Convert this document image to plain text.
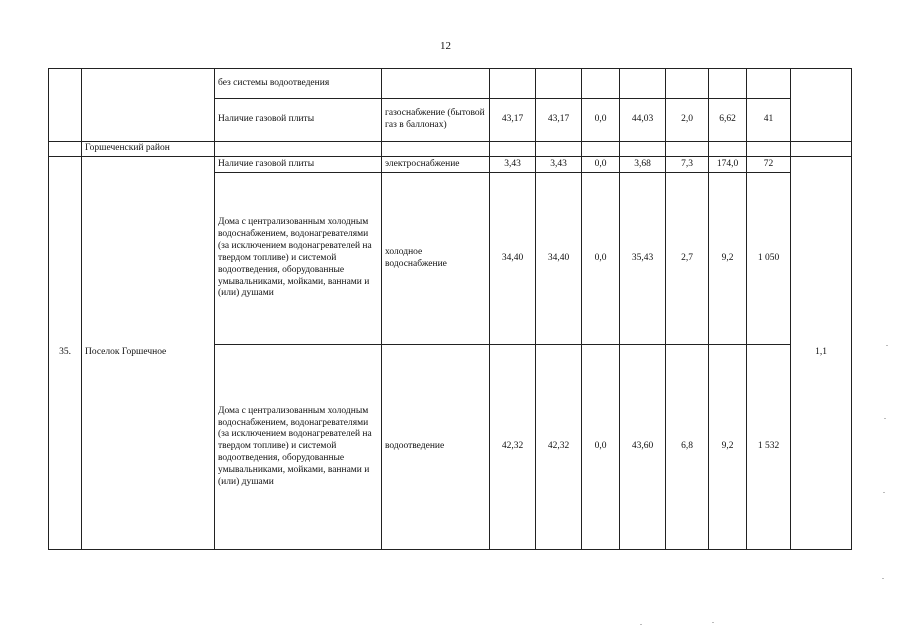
12
		без системы водоотведения									
		Наличие газовой плиты	газоснабжение (бытовой газ в баллонах)	43,17	43,17	0,0	44,03	2,0	6,62	41	
	Горшеченский район										
35.	Поселок Горшечное	Наличие газовой плиты	электроснабжение	3,43	3,43	0,0	3,68	7,3	174,0	72	1,1
		Дома с централизованным холодным водоснабжением, водонагревателями (за исключением водонагревателей на твердом топливе) и системой водоотведения, оборудованные умывальниками, мойками, ваннами и (или) душами	холодное водоснабжение	34,40	34,40	0,0	35,43	2,7	9,2	1 050	
		Дома с централизованным холодным водоснабжением, водонагревателями (за исключением водонагревателей на твердом топливе) и системой водоотведения, оборудованные умывальниками, мойками, ваннами и (или) душами	водоотведение	42,32	42,32	0,0	43,60	6,8	9,2	1 532	
